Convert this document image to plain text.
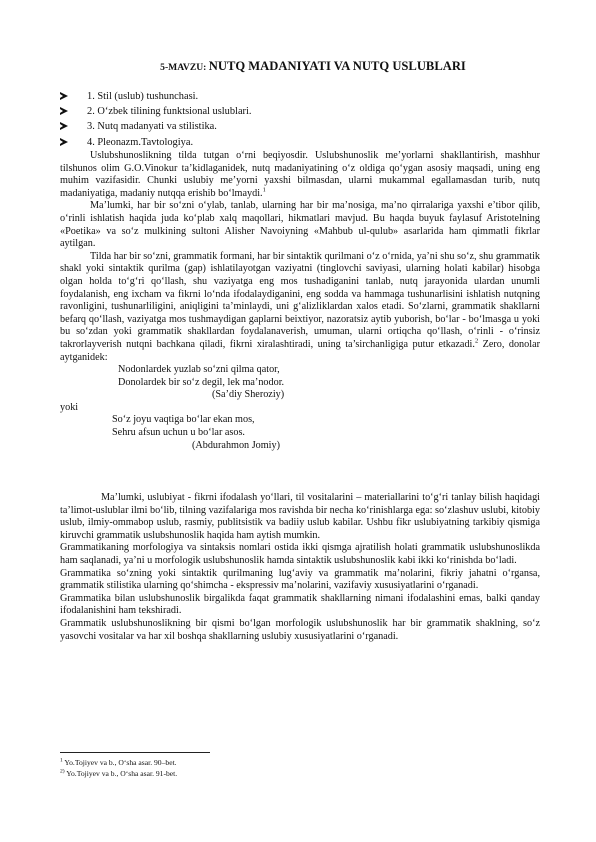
5-MAVZU: NUTQ MADANIYATI VA NUTQ USLUBLARI
1. Stil (uslub) tushunchasi.
2. O‘zbek tilining funktsional uslublari.
3. Nutq madanyati va stilistika.
4. Pleonazm.Tavtologiya.

Uslubshunoslikning tilda tutgan o‘rni beqiyosdir. Uslubshunoslik me’yorlarni shakllantirish, mashhur tilshunos olim G.O.Vinokur ta’kidlaganidek, nutq madaniyatining o‘z oldiga qo‘ygan asosiy maqsadi, uning eng muhim vazifasidir. Chunki uslubiy me’yorni yaxshi bilmasdan, ularni mukammal egallamasdan turib, nutq madaniyatiga, madaniy nutqqa erishib bo‘lmaydi.$^1$

Ma’lumki, har bir so‘zni o‘ylab, tanlab, ularning har bir ma’nosiga, ma’no qirralariga yaxshi e’tibor qilib, o‘rinli ishlatish haqida juda ko‘plab xalq maqollari, hikmatlari mavjud. Bu haqda buyuk faylasuf Aristotelning «Poetika» va so‘z mulkining sultoni Alisher Navoiyning «Mahbub ul-qulub» asarlarida ham qimmatli fikrlar aytilgan.

Tilda har bir so‘zni, grammatik formani, har bir sintaktik qurilmani o‘z o‘rnida, ya’ni shu so‘z, shu grammatik shakl yoki sintaktik qurilma (gap) ishlatilayotgan vaziyatni (tinglovchi saviyasi, ularning holati kabilar) hisobga olgan holda to‘g‘ri qo‘llash, shu vaziyatga eng mos tushadiganini tanlab, nutq jarayonida ulardan unumli foydalanish, eng ixcham va fikrni lo‘nda ifodalaydiganini, eng sodda va hammaga tushunarlisini ishlatish nutqning ravonligini, tushunarliligini, aniqligini ta’minlaydi, uni g‘alizliklardan xalos etadi. So‘zlarni, grammatik shakllarni befarq qo‘llash, vaziyatga mos tushmaydigan gaplarni beixtiyor, nazoratsiz aytib yuborish, bo‘lar - bo‘lmasga u yoki bu so‘zdan yoki grammatik shakllardan foydalanaverish, umuman, ularni ortiqcha qo‘llash, o‘rinli - o‘rinsiz takrorlayverish nutqni bachkana qiladi, fikrni xiralashtiradi, uning ta’sirchanligiga putur etkazadi.$^2$ Zero, donolar aytganidek:

Nodonlardek yuzlab so‘zni qilma qator,

Donolardek bir so‘z degil, lek ma’nodor.

(Sa’diy Sheroziy)

yoki

So‘z joyu vaqtiga bo‘lar ekan mos,

Sehru afsun uchun u bo‘lar asos.

(Abdurahmon Jomiy)

Ma’lumki, uslubiyat - fikrni ifodalash yo‘llari, til vositalarini – materiallarini to‘g‘ri tanlay bilish haqidagi ta’limot-uslublar ilmi bo‘lib, tilning vazifalariga mos ravishda bir necha ko‘rinishlarga ega: so‘zlashuv uslubi, kitobiy uslub, ilmiy-ommabop uslub, rasmiy, publitsistik va badiiy uslub kabilar. Ushbu fikr uslubiyatning tarkibiy qismiga kiruvchi grammatik uslubshunoslik haqida ham aytish mumkin.

Grammatikaning morfologiya va sintaksis nomlari ostida ikki qismga ajratilish holati grammatik uslubshunoslikda ham saqlanadi, ya’ni u morfologik uslubshunoslik hamda sintaktik uslubshunoslik kabi ikki ko‘rinishda bo‘ladi.

Grammatika so‘zning yoki sintaktik qurilmaning lug‘aviy va grammatik ma’nolarini, fikriy jahatni o‘rgansa, grammatik stilistika ularning qo‘shimcha - ekspressiv ma’nolarini, vazifaviy xususiyatlarini o‘rganadi.

Grammatika bilan uslubshunoslik birgalikda faqat grammatik shakllarning nimani ifodalashini emas, balki qanday ifodalanishini ham tekshiradi.

Grammatik uslubshunoslikning bir qismi bo‘lgan morfologik uslubshunoslik har bir grammatik shaklning, so‘z yasovchi vositalar va har xil boshqa shakllarning uslubiy xususiyatlarini o‘rganadi.

$^1$ Yo.Tojiyev va b., O‘sha asar. 90–bet.
$^{2)}$ Yo.Tojiyev va b., O‘sha asar. 91-bet.
